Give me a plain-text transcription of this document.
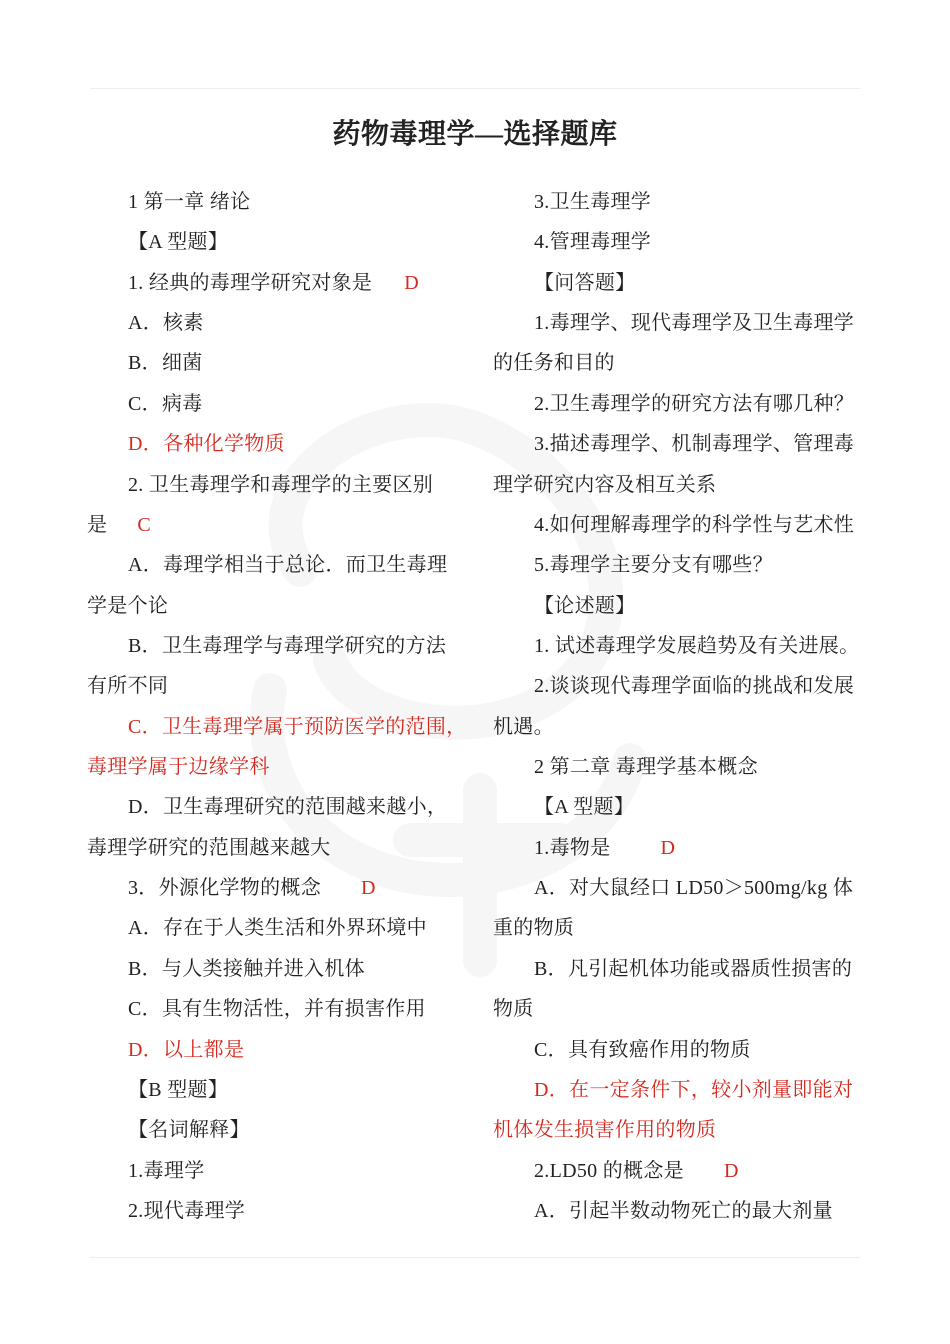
药物毒理学—选择题库
1 第一章 绪论
【A 型题】
1. 经典的毒理学研究对象是 D
A．核素
B．细菌
C．病毒
D．各种化学物质
2. 卫生毒理学和毒理学的主要区别
是 C
A．毒理学相当于总论．而卫生毒理
学是个论
B．卫生毒理学与毒理学研究的方法
有所不同
C．卫生毒理学属于预防医学的范围，
毒理学属于边缘学科
D．卫生毒理研究的范围越来越小，
毒理学研究的范围越来越大
3．外源化学物的概念 D
A．存在于人类生活和外界环境中
B．与人类接触并进入机体
C．具有生物活性，并有损害作用
D．以上都是
【B 型题】
【名词解释】
1.毒理学
2.现代毒理学
3.卫生毒理学
4.管理毒理学
【问答题】
1.毒理学、现代毒理学及卫生毒理学
的任务和目的
2.卫生毒理学的研究方法有哪几种？
3.描述毒理学、机制毒理学、管理毒
理学研究内容及相互关系
4.如何理解毒理学的科学性与艺术性
5.毒理学主要分支有哪些？
【论述题】
1. 试述毒理学发展趋势及有关进展。
2.谈谈现代毒理学面临的挑战和发展
机遇。
2 第二章 毒理学基本概念
【A 型题】
1.毒物是	D
A．对大鼠经口 LD50＞500mg/kg 体
重的物质
B．凡引起机体功能或器质性损害的
物质
C．具有致癌作用的物质
D．在一定条件下，较小剂量即能对
机体发生损害作用的物质
2.LD50 的概念是 D
A．引起半数动物死亡的最大剂量
